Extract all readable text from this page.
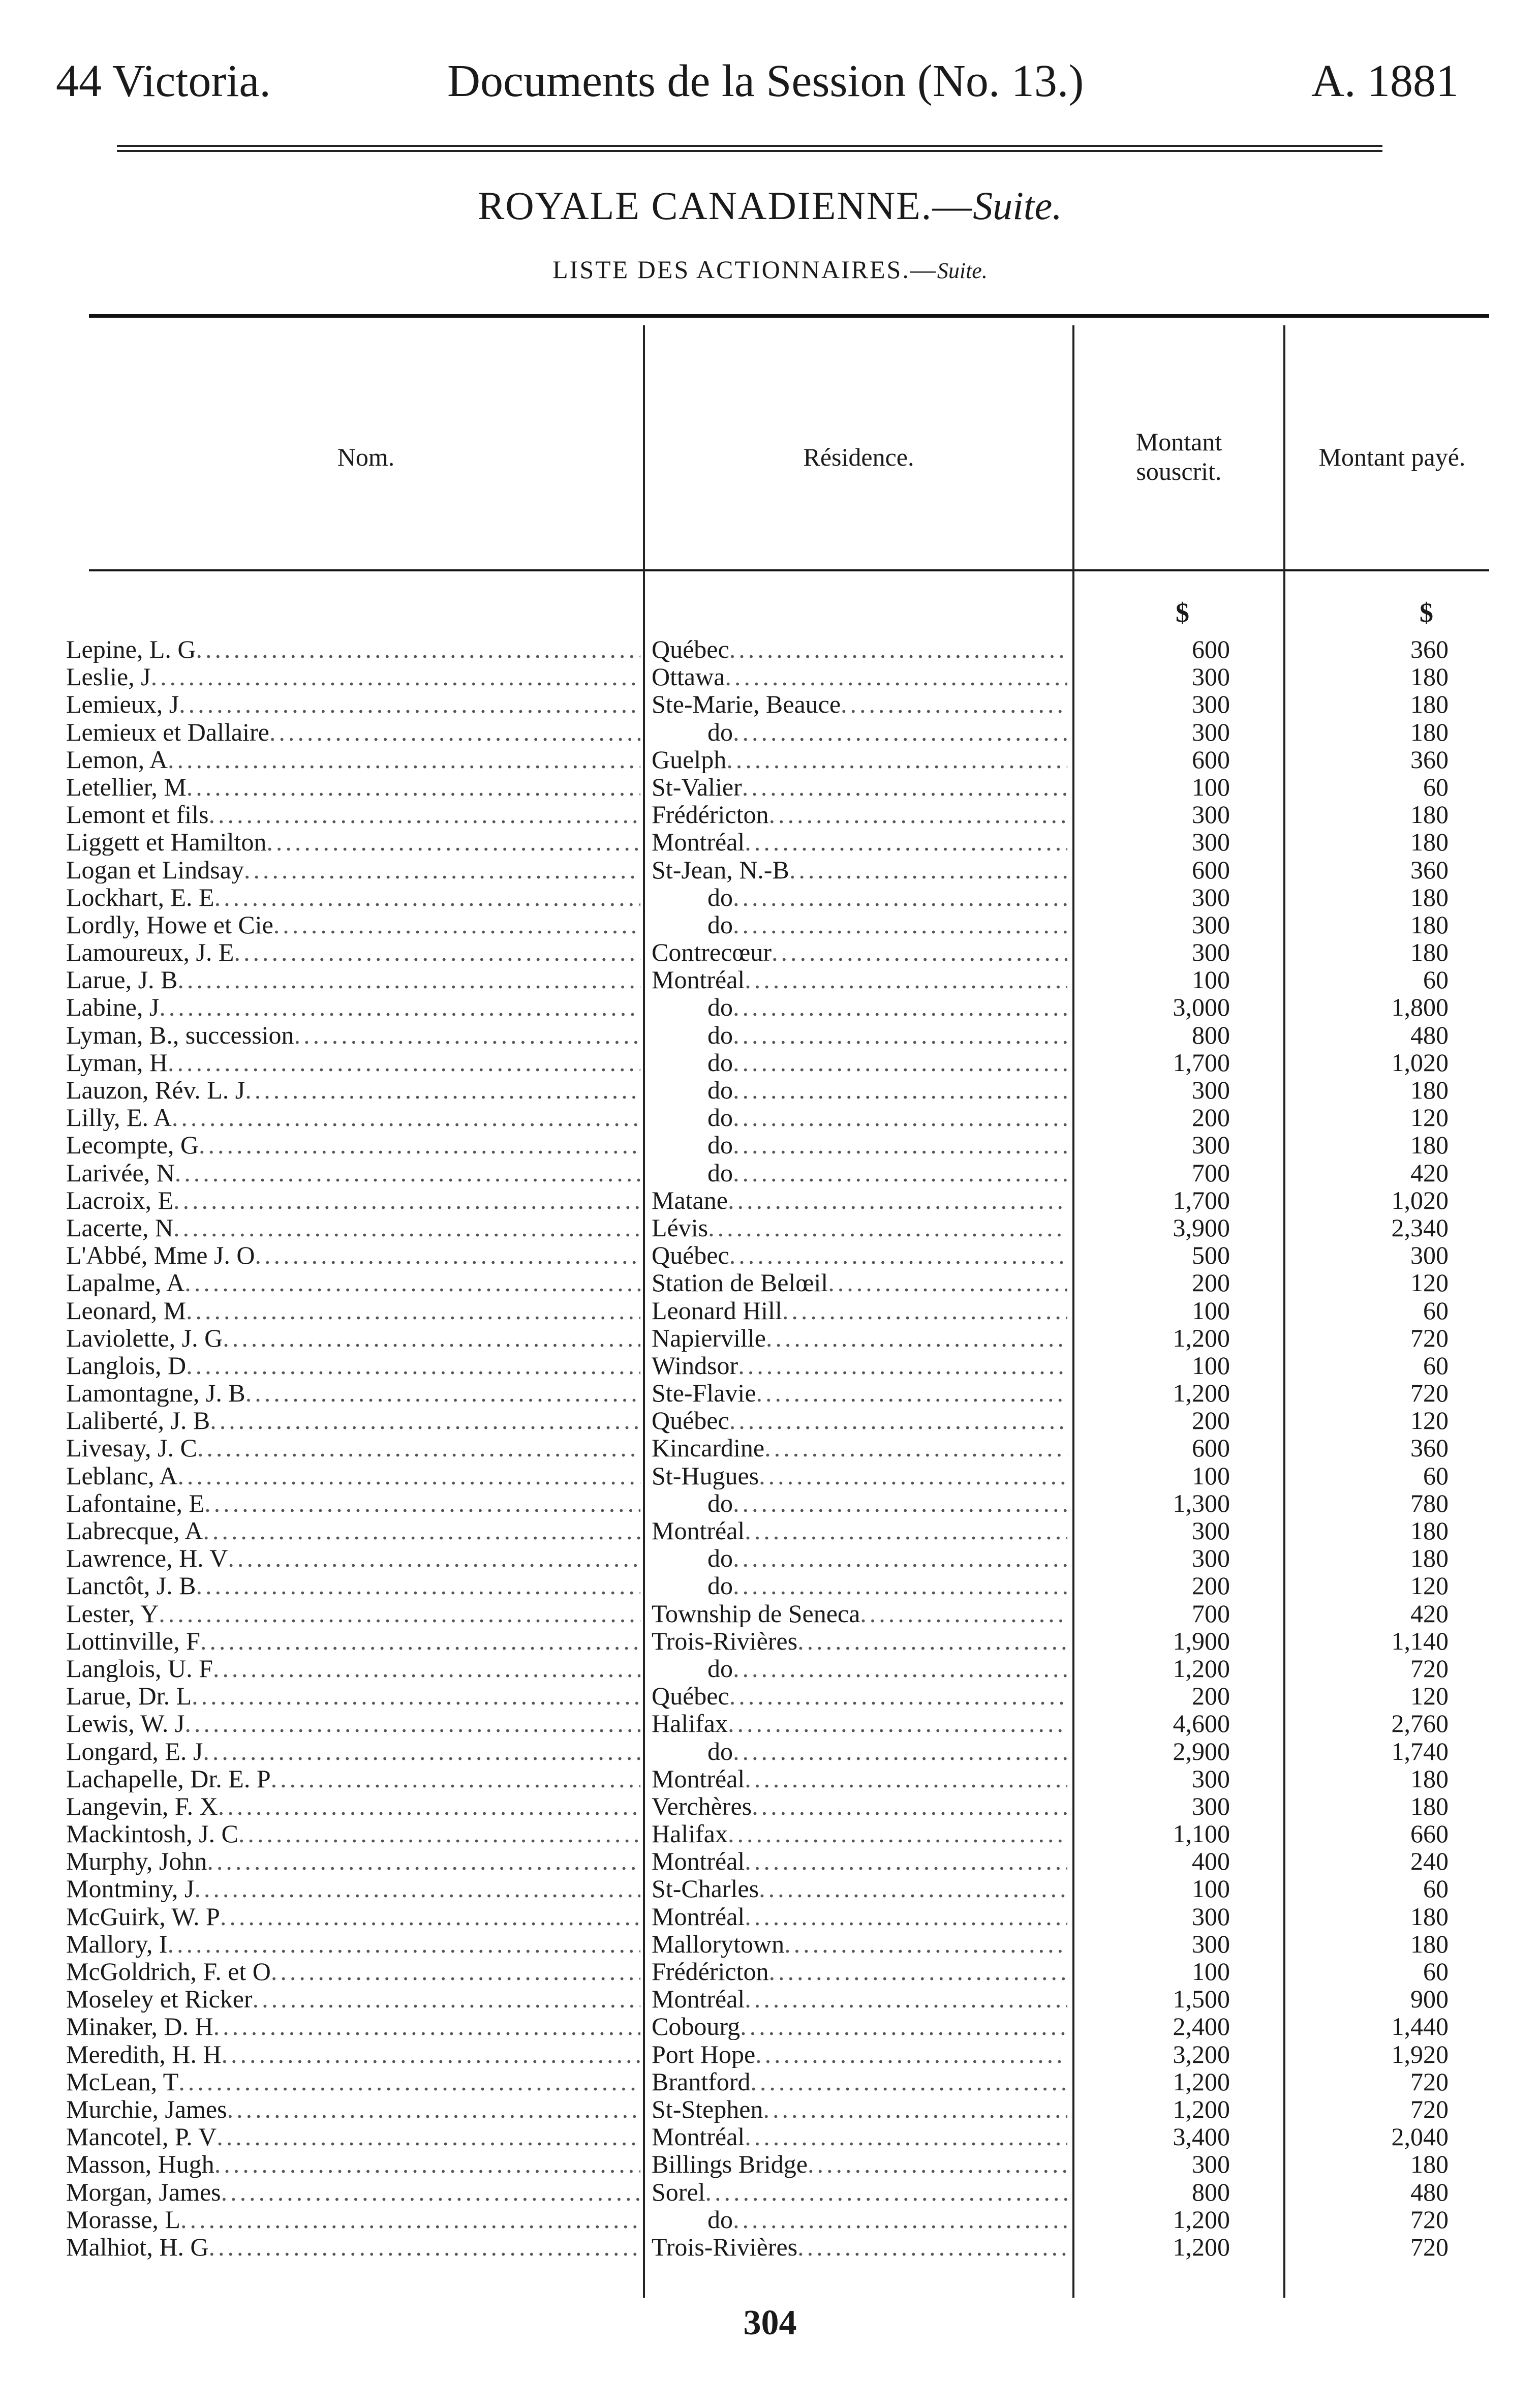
44 Victoria.	Documents de la Session (No. 13.)	A. 1881
ROYALE CANADIENNE.—Suite.
LISTE DES ACTIONNAIRES.—Suite.
Nom.	Résidence.
Montant
souscrit.	Montant payé.
$	$
Lepine, L. G .....	Québec .....	600	360
Leslie, J .....	Ottawa .....	300	180
Lemieux, J .....	Ste-Marie, Beauce .....	300	180
Lemieux et Dallaire .....	do .....	300	180
Lemon, A .....	Guelph .....	600	360
Letellier, M .....	St-Valier .....	100	60
Lemont et fils .....	Frédéricton .....	300	180
Liggett et Hamilton .....	Montréal .....	300	180
Logan et Lindsay .....	St-Jean, N.-B .....	600	360
Lockhart, E. E .....	do .....	300	180
Lordly, Howe et Cie .....	do .....	300	180
Lamoureux, J. E .....	Contrecœur .....	300	180
Larue, J. B .....	Montréal .....	100	60
Labine, J .....	do .....	3,000	1,800
Lyman, B., succession .....	do .....	800	480
Lyman, H .....	do .....	1,700	1,020
Lauzon, Rév. L. J .....	do .....	300	180
Lilly, E. A .....	do .....	200	120
Lecompte, G .....	do .....	300	180
Larivée, N .....	do .....	700	420
Lacroix, E .....	Matane .....	1,700	1,020
Lacerte, N .....	Lévis .....	3,900	2,340
L'Abbé, Mme J. O .....	Québec .....	500	300
Lapalme, A .....	Station de Belœil .....	200	120
Leonard, M .....	Leonard Hill .....	100	60
Laviolette, J. G .....	Napierville .....	1,200	720
Langlois, D .....	Windsor .....	100	60
Lamontagne, J. B .....	Ste-Flavie .....	1,200	720
Laliberté, J. B .....	Québec .....	200	120
Livesay, J. C .....	Kincardine .....	600	360
Leblanc, A .....	St-Hugues .....	100	60
Lafontaine, E .....	do .....	1,300	780
Labrecque, A .....	Montréal .....	300	180
Lawrence, H. V .....	do .....	300	180
Lanctôt, J. B .....	do .....	200	120
Lester, Y .....	Township de Seneca .....	700	420
Lottinville, F .....	Trois-Rivières .....	1,900	1,140
Langlois, U. F .....	do .....	1,200	720
Larue, Dr. L .....	Québec .....	200	120
Lewis, W. J .....	Halifax .....	4,600	2,760
Longard, E. J .....	do .....	2,900	1,740
Lachapelle, Dr. E. P .....	Montréal .....	300	180
Langevin, F. X .....	Verchères .....	300	180
Mackintosh, J. C .....	Halifax .....	1,100	660
Murphy, John .....	Montréal .....	400	240
Montminy, J .....	St-Charles .....	100	60
McGuirk, W. P .....	Montréal .....	300	180
Mallory, I .....	Mallorytown .....	300	180
McGoldrich, F. et O .....	Frédéricton .....	100	60
Moseley et Ricker .....	Montréal .....	1,500	900
Minaker, D. H .....	Cobourg .....	2,400	1,440
Meredith, H. H .....	Port Hope .....	3,200	1,920
McLean, T .....	Brantford .....	1,200	720
Murchie, James .....	St-Stephen .....	1,200	720
Mancotel, P. V .....	Montréal .....	3,400	2,040
Masson, Hugh .....	Billings Bridge .....	300	180
Morgan, James .....	Sorel .....	800	480
Morasse, L .....	do .....	1,200	720
Malhiot, H. G .....	Trois-Rivières .....	1,200	720
304
